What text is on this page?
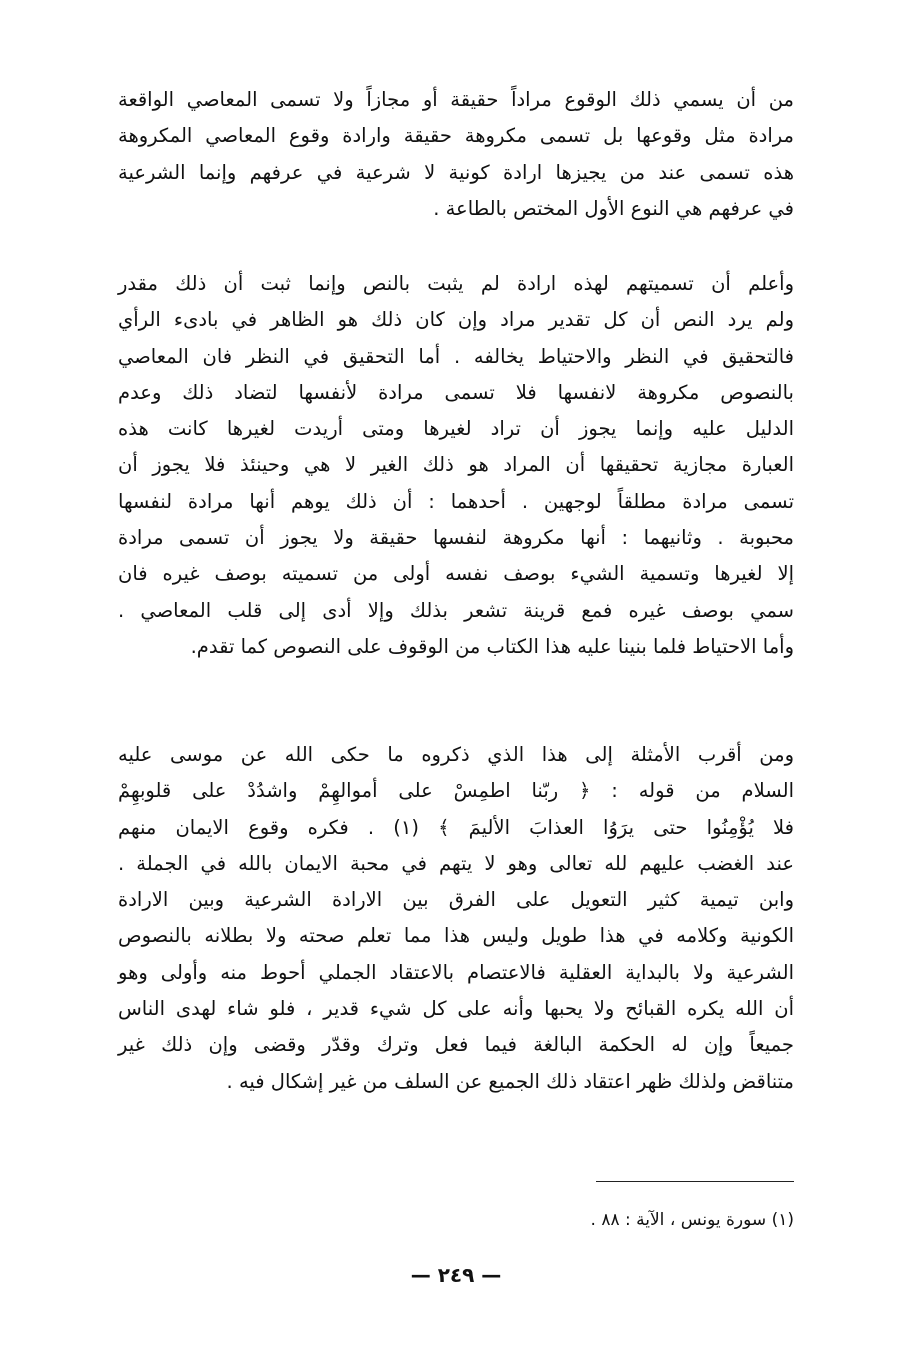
من أن يسمي ذلك الوقوع مراداً حقيقة أو مجازاً ولا تسمى المعاصي الواقعة
مرادة مثل وقوعها بل تسمى مكروهة حقيقة وارادة وقوع المعاصي المكروهة
هذه تسمى عند من يجيزها ارادة كونية لا شرعية في عرفهم وإنما الشرعية
في عرفهم هي النوع الأول المختص بالطاعة .
وأعلم أن تسميتهم لهذه ارادة لم يثبت بالنص وإنما ثبت أن ذلك مقدر
ولم يرد النص أن كل تقدير مراد وإن كان ذلك هو الظاهر في بادىء الرأي
فالتحقيق في النظر والاحتياط يخالفه . أما التحقيق في النظر فان المعاصي
بالنصوص مكروهة لانفسها فلا تسمى مرادة لأنفسها لتضاد ذلك وعدم
الدليل عليه وإنما يجوز أن تراد لغيرها ومتى أريدت لغيرها كانت هذه
العبارة مجازية تحقيقها أن المراد هو ذلك الغير لا هي وحينئذ فلا يجوز أن
تسمى مرادة مطلقاً لوجهين . أحدهما : أن ذلك يوهم أنها مرادة لنفسها
محبوبة . وثانيهما : أنها مكروهة لنفسها حقيقة ولا يجوز أن تسمى مرادة
إلا لغيرها وتسمية الشيء بوصف نفسه أولى من تسميته بوصف غيره فان
سمي بوصف غيره فمع قرينة تشعر بذلك وإلا أدى إلى قلب المعاصي .
وأما الاحتياط فلما بنينا عليه هذا الكتاب من الوقوف على النصوص كما تقدم.
ومن أقرب الأمثلة إلى هذا الذي ذكروه ما حكى الله عن موسى عليه
السلام من قوله : ﴿ ربّنا اطمِسْ على أموالهِمْ واشدُدْ على قلوبهِمْ
فلا يُؤْمِنُوا حتى يرَوُا العذابَ الأليمَ ﴾ (١) . فكره وقوع الايمان منهم
عند الغضب عليهم لله تعالى وهو لا يتهم في محبة الايمان بالله في الجملة .
وابن تيمية كثير التعويل على الفرق بين الارادة الشرعية وبين الارادة
الكونية وكلامه في هذا طويل وليس هذا مما تعلم صحته ولا بطلانه بالنصوص
الشرعية ولا بالبداية العقلية فالاعتصام بالاعتقاد الجملي أحوط منه وأولى وهو
أن الله يكره القبائح ولا يحبها وأنه على كل شيء قدير ، فلو شاء لهدى الناس
جميعاً وإن له الحكمة البالغة فيما فعل وترك وقدّر وقضى وإن ذلك غير
متناقض ولذلك ظهر اعتقاد ذلك الجميع عن السلف من غير إشكال فيه .
(١) سورة يونس ، الآية : ٨٨ .
— ٢٤٩ —
